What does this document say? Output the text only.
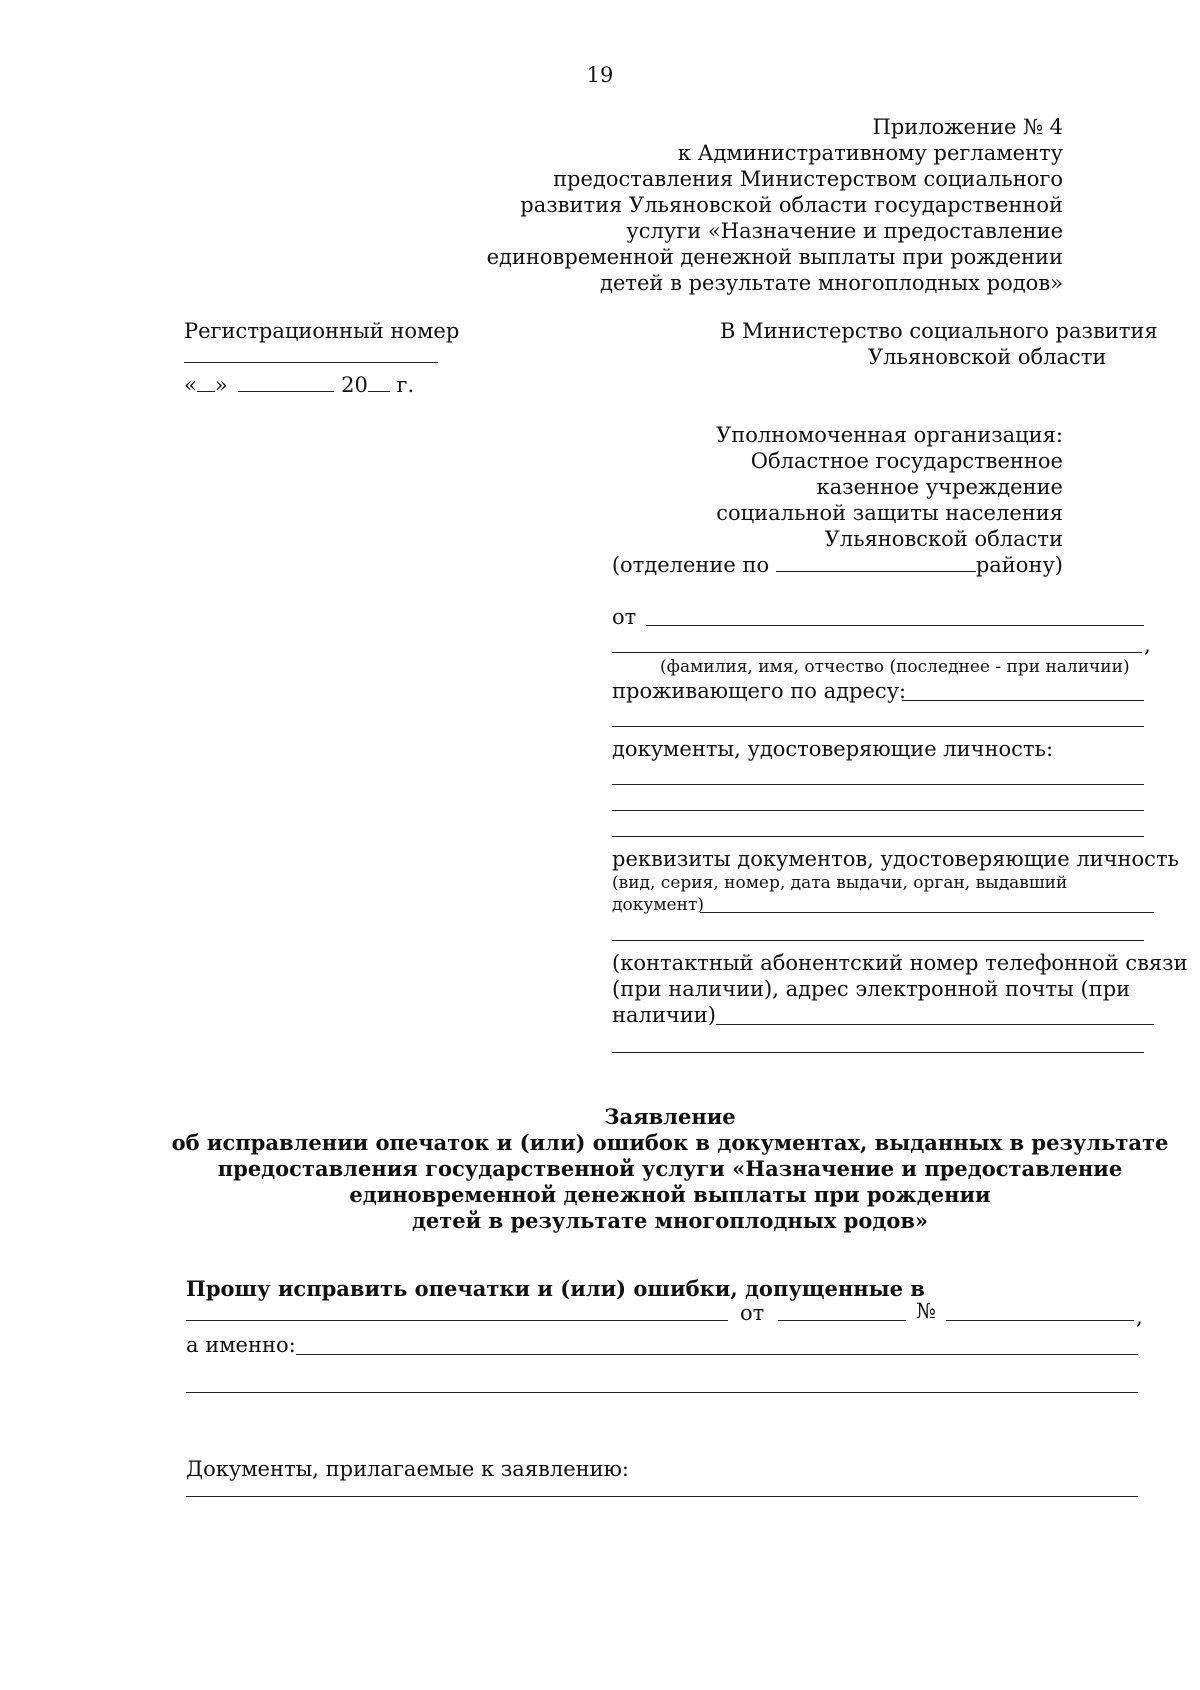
19
Приложение № 4
к Административному регламенту
предоставления Министерством социального
развития Ульяновской области государственной
услуги «Назначение и предоставление
единовременной денежной выплаты при рождении
детей в результате многоплодных родов»
Регистрационный номер
« »	20 г.
В Министерство социального развития
Ульяновской области
Уполномоченная организация:
Областное государственное
казенное учреждение
социальной защиты населения
Ульяновской области
(отделение по	району)
от
,
(фамилия, имя, отчество (последнее - при наличии)
проживающего по адресу:
документы, удостоверяющие личность:
реквизиты документов, удостоверяющие личность
(вид, серия, номер, дата выдачи, орган, выдавший
документ)
(контактный абонентский номер телефонной связи
(при наличии), адрес электронной почты (при
наличии)
Заявление
об исправлении опечаток и (или) ошибок в документах, выданных в результате
предоставления государственной услуги «Назначение и предоставление
единовременной денежной выплаты при рождении
детей в результате многоплодных родов»
Прошу исправить опечатки и (или) ошибки, допущенные в
от	№	,
а именно:
Документы, прилагаемые к заявлению:
